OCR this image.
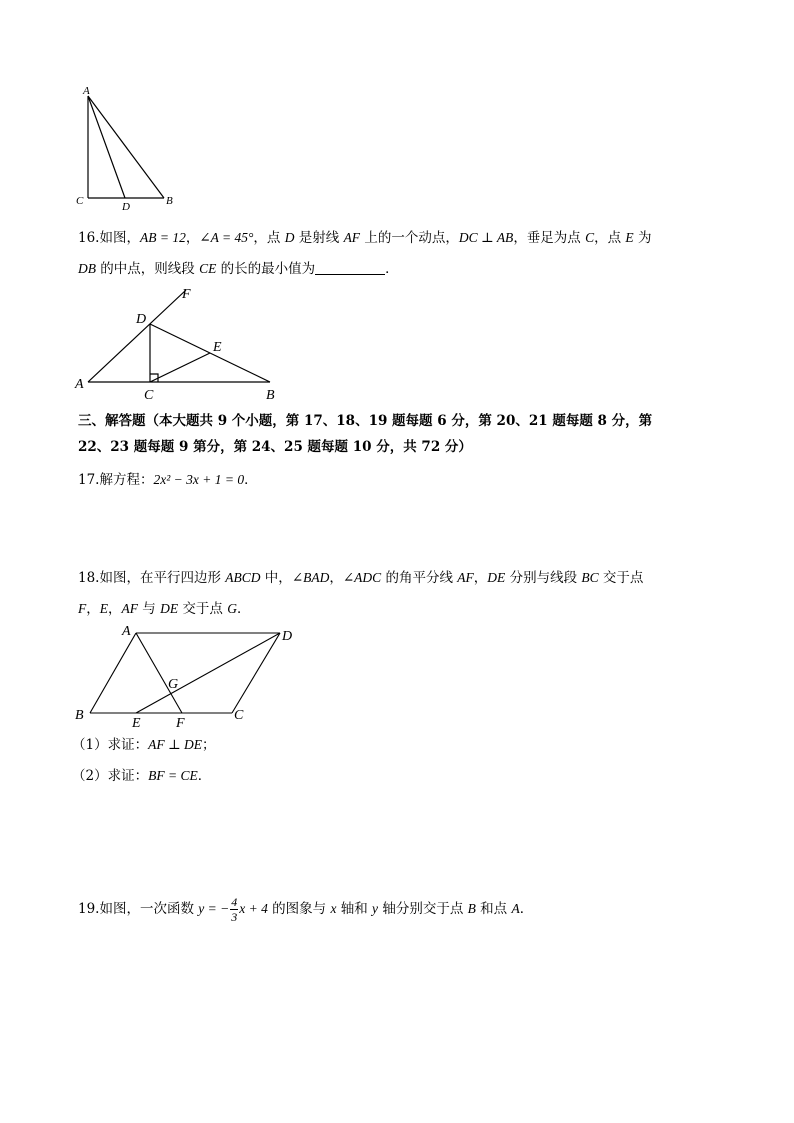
A
C	D	B
16.如图，AB = 12，∠A = 45°，点 D 是射线 AF 上的一个动点，DC ⊥ AB，垂足为点 C，点 E 为
DB 的中点，则线段 CE 的长的最小值为	．
F
D
E
A
C	B
三、解答题（本大题共 9 个小题，第 17、18、19 题每题 6 分，第 20、21 题每题 8 分，第
22、23 题每题 9 第分，第 24、25 题每题 10 分，共 72 分）
17.解方程：2x² − 3x + 1 = 0．
18.如图，在平行四边形 ABCD 中，∠BAD，∠ADC 的角平分线 AF，DE 分别与线段 BC 交于点
F，E，AF 与 DE 交于点 G．
A	D
G
B
E	F
C
（1）求证：AF ⊥ DE；
（2）求证：BF = CE．
19.如图，一次函数 y = − $\frac{4}{3}$ x + 4 的图象与 x 轴和 y 轴分别交于点 B 和点 A．
